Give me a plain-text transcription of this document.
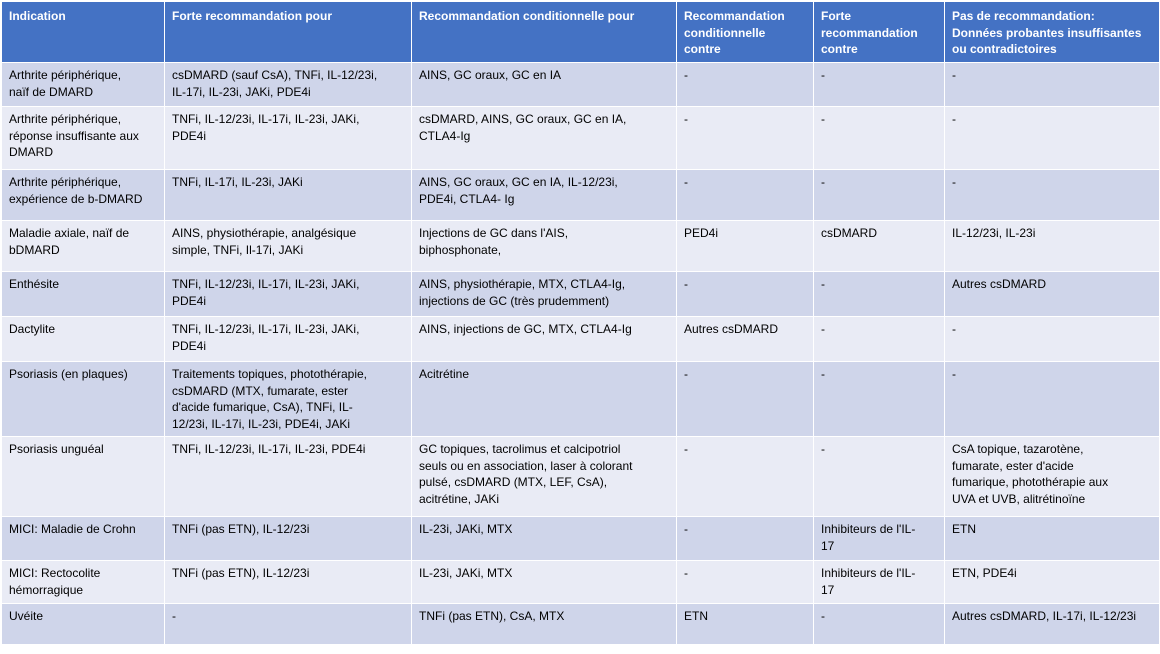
Indication	Forte recommandation pour	Recommandation conditionnelle pour	Recommandation
conditionnelle
contre	Forte
recommandation
contre	Pas de recommandation:
Données probantes insuffisantes
ou contradictoires

Arthrite périphérique,
naïf de DMARD	csDMARD (sauf CsA), TNFi, IL-12/23i,
IL-17i, IL-23i, JAKi, PDE4i	AINS, GC oraux, GC en IA	-	-	-

Arthrite périphérique,
réponse insuffisante aux
DMARD	TNFi, IL-12/23i, IL-17i, IL-23i, JAKi,
PDE4i	csDMARD, AINS, GC oraux, GC en IA,
CTLA4-Ig	-	-	-

Arthrite périphérique,
expérience de b-DMARD	TNFi, IL-17i, IL-23i, JAKi	AINS, GC oraux, GC en IA, IL-12/23i,
PDE4i, CTLA4- Ig	-	-	-

Maladie axiale, naïf de
bDMARD	AINS, physiothérapie, analgésique
simple, TNFi, Il-17i, JAKi	Injections de GC dans l'AIS,
biphosphonate,	PED4i	csDMARD	IL-12/23i, IL-23i

Enthésite	TNFi, IL-12/23i, IL-17i, IL-23i, JAKi,
PDE4i	AINS, physiothérapie, MTX, CTLA4-Ig,
injections de GC (très prudemment)	-	-	Autres csDMARD

Dactylite	TNFi, IL-12/23i, IL-17i, IL-23i, JAKi,
PDE4i	AINS, injections de GC, MTX, CTLA4-Ig	Autres csDMARD	-	-

Psoriasis (en plaques)	Traitements topiques, photothérapie,
csDMARD (MTX, fumarate, ester
d'acide fumarique, CsA), TNFi, IL-
12/23i, IL-17i, IL-23i, PDE4i, JAKi	Acitrétine	-	-	-

Psoriasis unguéal	TNFi, IL-12/23i, IL-17i, IL-23i, PDE4i	GC topiques, tacrolimus et calcipotriol
seuls ou en association, laser à colorant
pulsé, csDMARD (MTX, LEF, CsA),
acitrétine, JAKi	-	-	CsA topique, tazarotène,
fumarate, ester d'acide
fumarique, photothérapie aux
UVA et UVB, alitrétinoïne

MICI: Maladie de Crohn	TNFi (pas ETN), IL-12/23i	IL-23i, JAKi, MTX	-	Inhibiteurs de l'IL-
17	ETN

MICI: Rectocolite
hémorragique	TNFi (pas ETN), IL-12/23i	IL-23i, JAKi, MTX	-	Inhibiteurs de l'IL-
17	ETN, PDE4i

Uvéite	-	TNFi (pas ETN), CsA, MTX	ETN	-	Autres csDMARD, IL-17i, IL-12/23i
